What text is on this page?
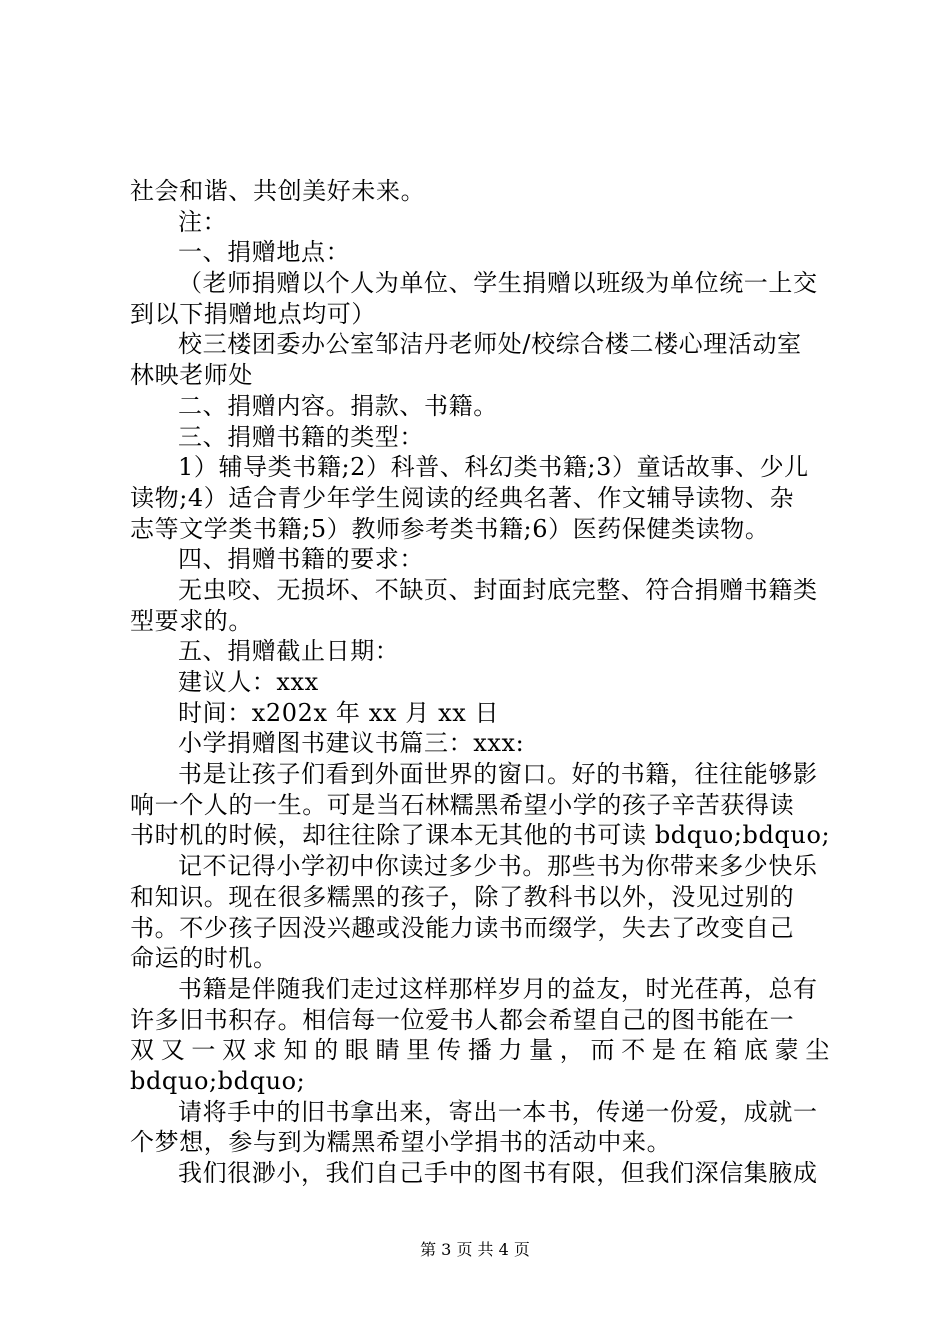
社会和谐、共创美好未来。
注：
一、捐赠地点：
（老师捐赠以个人为单位、学生捐赠以班级为单位统一上交
到以下捐赠地点均可）
校三楼团委办公室邹洁丹老师处/校综合楼二楼心理活动室
林映老师处
二、捐赠内容。捐款、书籍。
三、捐赠书籍的类型：
1）辅导类书籍;2）科普、科幻类书籍;3）童话故事、少儿
读物;4）适合青少年学生阅读的经典名著、作文辅导读物、杂
志等文学类书籍;5）教师参考类书籍;6）医药保健类读物。
四、捐赠书籍的要求：
无虫咬、无损坏、不缺页、封面封底完整、符合捐赠书籍类
型要求的。
五、捐赠截止日期：
建议人：xxx
时间：x202x 年 xx 月 xx 日
小学捐赠图书建议书篇三：xxx:
书是让孩子们看到外面世界的窗口。好的书籍，往往能够影
响一个人的一生。可是当石林糯黑希望小学的孩子辛苦获得读
书时机的时候，却往往除了课本无其他的书可读 bdquo;bdquo;
记不记得小学初中你读过多少书。那些书为你带来多少快乐
和知识。现在很多糯黑的孩子，除了教科书以外，没见过别的
书。不少孩子因没兴趣或没能力读书而缀学，失去了改变自己
命运的时机。
书籍是伴随我们走过这样那样岁月的益友，时光荏苒，总有
许多旧书积存。相信每一位爱书人都会希望自己的图书能在一
双又一双求知的眼睛里传播力量，而不是在箱底蒙尘
bdquo;bdquo;
请将手中的旧书拿出来，寄出一本书，传递一份爱，成就一
个梦想，参与到为糯黑希望小学捐书的活动中来。
我们很渺小，我们自己手中的图书有限，但我们深信集腋成
第 3 页 共 4 页
